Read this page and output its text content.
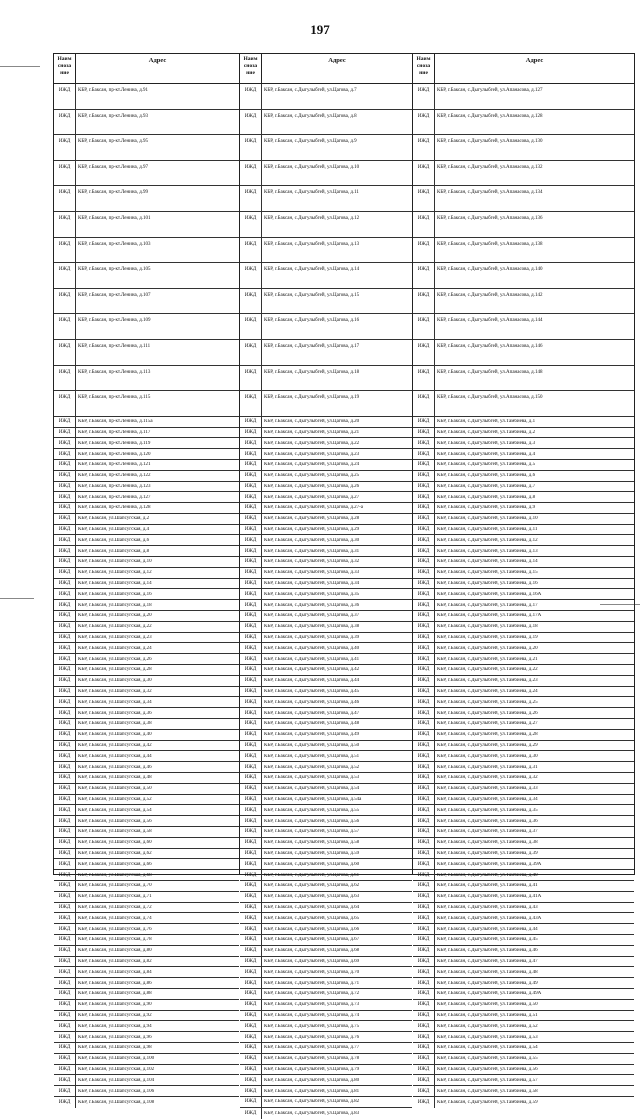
197
Наим сноза ние
Адрес
ИЖД	КБР, г.Баксан, пр-кт.Ленина, д.91
ИЖД	КБР, г.Баксан, пр-кт.Ленина, д.93
ИЖД	КБР, г.Баксан, пр-кт.Ленина, д.95
ИЖД	КБР, г.Баксан, пр-кт.Ленина, д.97
ИЖД	КБР, г.Баксан, пр-кт.Ленина, д.99
ИЖД	КБР, г.Баксан, пр-кт.Ленина, д.101
ИЖД	КБР, г.Баксан, пр-кт.Ленина, д.103
ИЖД	КБР, г.Баксан, пр-кт.Ленина, д.105
ИЖД	КБР, г.Баксан, пр-кт.Ленина, д.107
ИЖД	КБР, г.Баксан, пр-кт.Ленина, д.109
ИЖД	КБР, г.Баксан, пр-кт.Ленина, д.111
ИЖД	КБР, г.Баксан, пр-кт.Ленина, д.113
ИЖД	КБР, г.Баксан, пр-кт.Ленина, д.115
ИЖД	КБР, г.Баксан, пр-кт.Ленина, д.115а
ИЖД	КБР, г.Баксан, пр-кт.Ленина, д.117
ИЖД	КБР, г.Баксан, пр-кт.Ленина, д.119
ИЖД	КБР, г.Баксан, пр-кт.Ленина, д.120
ИЖД	КБР, г.Баксан, пр-кт.Ленина, д.121
ИЖД	КБР, г.Баксан, пр-кт.Ленина, д.122
ИЖД	КБР, г.Баксан, пр-кт.Ленина, д.123
ИЖД	КБР, г.Баксан, пр-кт.Ленина, д.127
ИЖД	КБР, г.Баксан, пр-кт.Ленина, д.128
ИЖД	КБР, г.Баксан, ул.Шапсугская, д.2
ИЖД	КБР, г.Баксан, ул.Шапсугская, д.4
ИЖД	КБР, г.Баксан, ул.Шапсугская, д.6
ИЖД	КБР, г.Баксан, ул.Шапсугская, д.8
ИЖД	КБР, г.Баксан, ул.Шапсугская, д.10
ИЖД	КБР, г.Баксан, ул.Шапсугская, д.12
ИЖД	КБР, г.Баксан, ул.Шапсугская, д.14
ИЖД	КБР, г.Баксан, ул.Шапсугская, д.16
ИЖД	КБР, г.Баксан, ул.Шапсугская, д.18
ИЖД	КБР, г.Баксан, ул.Шапсугская, д.20
ИЖД	КБР, г.Баксан, ул.Шапсугская, д.22
ИЖД	КБР, г.Баксан, ул.Шапсугская, д.23
ИЖД	КБР, г.Баксан, ул.Шапсугская, д.24
ИЖД	КБР, г.Баксан, ул.Шапсугская, д.26
ИЖД	КБР, г.Баксан, ул.Шапсугская, д.28
ИЖД	КБР, г.Баксан, ул.Шапсугская, д.30
ИЖД	КБР, г.Баксан, ул.Шапсугская, д.32
ИЖД	КБР, г.Баксан, ул.Шапсугская, д.34
ИЖД	КБР, г.Баксан, ул.Шапсугская, д.36
ИЖД	КБР, г.Баксан, ул.Шапсугская, д.38
ИЖД	КБР, г.Баксан, ул.Шапсугская, д.40
ИЖД	КБР, г.Баксан, ул.Шапсугская, д.42
ИЖД	КБР, г.Баксан, ул.Шапсугская, д.44
ИЖД	КБР, г.Баксан, ул.Шапсугская, д.46
ИЖД	КБР, г.Баксан, ул.Шапсугская, д.48
ИЖД	КБР, г.Баксан, ул.Шапсугская, д.50
ИЖД	КБР, г.Баксан, ул.Шапсугская, д.52
ИЖД	КБР, г.Баксан, ул.Шапсугская, д.54
ИЖД	КБР, г.Баксан, ул.Шапсугская, д.56
ИЖД	КБР, г.Баксан, ул.Шапсугская, д.58
ИЖД	КБР, г.Баксан, ул.Шапсугская, д.60
ИЖД	КБР, г.Баксан, ул.Шапсугская, д.62
ИЖД	КБР, г.Баксан, ул.Шапсугская, д.66
ИЖД	КБР, г.Баксан, ул.Шапсугская, д.68
ИЖД	КБР, г.Баксан, ул.Шапсугская, д.70
ИЖД	КБР, г.Баксан, ул.Шапсугская, д.71
ИЖД	КБР, г.Баксан, ул.Шапсугская, д.72
ИЖД	КБР, г.Баксан, ул.Шапсугская, д.74
ИЖД	КБР, г.Баксан, ул.Шапсугская, д.76
ИЖД	КБР, г.Баксан, ул.Шапсугская, д.78
ИЖД	КБР, г.Баксан, ул.Шапсугская, д.80
ИЖД	КБР, г.Баксан, ул.Шапсугская, д.82
ИЖД	КБР, г.Баксан, ул.Шапсугская, д.84
ИЖД	КБР, г.Баксан, ул.Шапсугская, д.86
ИЖД	КБР, г.Баксан, ул.Шапсугская, д.88
ИЖД	КБР, г.Баксан, ул.Шапсугская, д.90
ИЖД	КБР, г.Баксан, ул.Шапсугская, д.92
ИЖД	КБР, г.Баксан, ул.Шапсугская, д.94
ИЖД	КБР, г.Баксан, ул.Шапсугская, д.96
ИЖД	КБР, г.Баксан, ул.Шапсугская, д.98
ИЖД	КБР, г.Баксан, ул.Шапсугская, д.100
ИЖД	КБР, г.Баксан, ул.Шапсугская, д.102
ИЖД	КБР, г.Баксан, ул.Шапсугская, д.104
ИЖД	КБР, г.Баксан, ул.Шапсугская, д.106
ИЖД	КБР, г.Баксан, ул.Шапсугская, д.108
Наим сноза ние
Адрес
ИЖД	КБР, г.Баксан, с.Дыгулыбгей, ул.Цагова, д.7
ИЖД	КБР, г.Баксан, с.Дыгулыбгей, ул.Цагова, д.8
ИЖД	КБР, г.Баксан, с.Дыгулыбгей, ул.Цагова, д.9
ИЖД	КБР, г.Баксан, с.Дыгулыбгей, ул.Цагова, д.10
ИЖД	КБР, г.Баксан, с.Дыгулыбгей, ул.Цагова, д.11
ИЖД	КБР, г.Баксан, с.Дыгулыбгей, ул.Цагова, д.12
ИЖД	КБР, г.Баксан, с.Дыгулыбгей, ул.Цагова, д.13
ИЖД	КБР, г.Баксан, с.Дыгулыбгей, ул.Цагова, д.14
ИЖД	КБР, г.Баксан, с.Дыгулыбгей, ул.Цагова, д.15
ИЖД	КБР, г.Баксан, с.Дыгулыбгей, ул.Цагова, д.16
ИЖД	КБР, г.Баксан, с.Дыгулыбгей, ул.Цагова, д.17
ИЖД	КБР, г.Баксан, с.Дыгулыбгей, ул.Цагова, д.18
ИЖД	КБР, г.Баксан, с.Дыгулыбгей, ул.Цагова, д.19
ИЖД	КБР, г.Баксан, с.Дыгулыбгей, ул.Цагова, д.20
ИЖД	КБР, г.Баксан, с.Дыгулыбгей, ул.Цагова, д.21
ИЖД	КБР, г.Баксан, с.Дыгулыбгей, ул.Цагова, д.22
ИЖД	КБР, г.Баксан, с.Дыгулыбгей, ул.Цагова, д.23
ИЖД	КБР, г.Баксан, с.Дыгулыбгей, ул.Цагова, д.24
ИЖД	КБР, г.Баксан, с.Дыгулыбгей, ул.Цагова, д.25
ИЖД	КБР, г.Баксан, с.Дыгулыбгей, ул.Цагова, д.26
ИЖД	КБР, г.Баксан, с.Дыгулыбгей, ул.Цагова, д.27
ИЖД	КБР, г.Баксан, с.Дыгулыбгей, ул.Цагова, д.27-а
ИЖД	КБР, г.Баксан, с.Дыгулыбгей, ул.Цагова, д.28
ИЖД	КБР, г.Баксан, с.Дыгулыбгей, ул.Цагова, д.29
ИЖД	КБР, г.Баксан, с.Дыгулыбгей, ул.Цагова, д.30
ИЖД	КБР, г.Баксан, с.Дыгулыбгей, ул.Цагова, д.31
ИЖД	КБР, г.Баксан, с.Дыгулыбгей, ул.Цагова, д.32
ИЖД	КБР, г.Баксан, с.Дыгулыбгей, ул.Цагова, д.33
ИЖД	КБР, г.Баксан, с.Дыгулыбгей, ул.Цагова, д.34
ИЖД	КБР, г.Баксан, с.Дыгулыбгей, ул.Цагова, д.35
ИЖД	КБР, г.Баксан, с.Дыгулыбгей, ул.Цагова, д.36
ИЖД	КБР, г.Баксан, с.Дыгулыбгей, ул.Цагова, д.37
ИЖД	КБР, г.Баксан, с.Дыгулыбгей, ул.Цагова, д.38
ИЖД	КБР, г.Баксан, с.Дыгулыбгей, ул.Цагова, д.39
ИЖД	КБР, г.Баксан, с.Дыгулыбгей, ул.Цагова, д.40
ИЖД	КБР, г.Баксан, с.Дыгулыбгей, ул.Цагова, д.41
ИЖД	КБР, г.Баксан, с.Дыгулыбгей, ул.Цагова, д.42
ИЖД	КБР, г.Баксан, с.Дыгулыбгей, ул.Цагова, д.44
ИЖД	КБР, г.Баксан, с.Дыгулыбгей, ул.Цагова, д.45
ИЖД	КБР, г.Баксан, с.Дыгулыбгей, ул.Цагова, д.46
ИЖД	КБР, г.Баксан, с.Дыгулыбгей, ул.Цагова, д.47
ИЖД	КБР, г.Баксан, с.Дыгулыбгей, ул.Цагова, д.48
ИЖД	КБР, г.Баксан, с.Дыгулыбгей, ул.Цагова, д.49
ИЖД	КБР, г.Баксан, с.Дыгулыбгей, ул.Цагова, д.50
ИЖД	КБР, г.Баксан, с.Дыгулыбгей, ул.Цагова, д.51
ИЖД	КБР, г.Баксан, с.Дыгулыбгей, ул.Цагова, д.52
ИЖД	КБР, г.Баксан, с.Дыгулыбгей, ул.Цагова, д.53
ИЖД	КБР, г.Баксан, с.Дыгулыбгей, ул.Цагова, д.54
ИЖД	КБР, г.Баксан, с.Дыгулыбгей, ул.Цагова, д.54а
ИЖД	КБР, г.Баксан, с.Дыгулыбгей, ул.Цагова, д.55
ИЖД	КБР, г.Баксан, с.Дыгулыбгей, ул.Цагова, д.56
ИЖД	КБР, г.Баксан, с.Дыгулыбгей, ул.Цагова, д.57
ИЖД	КБР, г.Баксан, с.Дыгулыбгей, ул.Цагова, д.58
ИЖД	КБР, г.Баксан, с.Дыгулыбгей, ул.Цагова, д.59
ИЖД	КБР, г.Баксан, с.Дыгулыбгей, ул.Цагова, д.60
ИЖД	КБР, г.Баксан, с.Дыгулыбгей, ул.Цагова, д.61
ИЖД	КБР, г.Баксан, с.Дыгулыбгей, ул.Цагова, д.62
ИЖД	КБР, г.Баксан, с.Дыгулыбгей, ул.Цагова, д.63
ИЖД	КБР, г.Баксан, с.Дыгулыбгей, ул.Цагова, д.64
ИЖД	КБР, г.Баксан, с.Дыгулыбгей, ул.Цагова, д.65
ИЖД	КБР, г.Баксан, с.Дыгулыбгей, ул.Цагова, д.66
ИЖД	КБР, г.Баксан, с.Дыгулыбгей, ул.Цагова, д.67
ИЖД	КБР, г.Баксан, с.Дыгулыбгей, ул.Цагова, д.68
ИЖД	КБР, г.Баксан, с.Дыгулыбгей, ул.Цагова, д.69
ИЖД	КБР, г.Баксан, с.Дыгулыбгей, ул.Цагова, д.70
ИЖД	КБР, г.Баксан, с.Дыгулыбгей, ул.Цагова, д.71
ИЖД	КБР, г.Баксан, с.Дыгулыбгей, ул.Цагова, д.72
ИЖД	КБР, г.Баксан, с.Дыгулыбгей, ул.Цагова, д.73
ИЖД	КБР, г.Баксан, с.Дыгулыбгей, ул.Цагова, д.74
ИЖД	КБР, г.Баксан, с.Дыгулыбгей, ул.Цагова, д.75
ИЖД	КБР, г.Баксан, с.Дыгулыбгей, ул.Цагова, д.76
ИЖД	КБР, г.Баксан, с.Дыгулыбгей, ул.Цагова, д.77
ИЖД	КБР, г.Баксан, с.Дыгулыбгей, ул.Цагова, д.78
ИЖД	КБР, г.Баксан, с.Дыгулыбгей, ул.Цагова, д.79
ИЖД	КБР, г.Баксан, с.Дыгулыбгей, ул.Цагова, д.80
ИЖД	КБР, г.Баксан, с.Дыгулыбгей, ул.Цагова, д.81
ИЖД	КБР, г.Баксан, с.Дыгулыбгей, ул.Цагова, д.82
ИЖД	КБР, г.Баксан, с.Дыгулыбгей, ул.Цагова, д.83
Наим сноза ние
Адрес
ИЖД	КБР, г.Баксан, с.Дыгулыбгей, ул.Апанасова, д.127
ИЖД	КБР, г.Баксан, с.Дыгулыбгей, ул.Апанасова, д.128
ИЖД	КБР, г.Баксан, с.Дыгулыбгей, ул.Апанасова, д.130
ИЖД	КБР, г.Баксан, с.Дыгулыбгей, ул.Апанасова, д.132
ИЖД	КБР, г.Баксан, с.Дыгулыбгей, ул.Апанасова, д.134
ИЖД	КБР, г.Баксан, с.Дыгулыбгей, ул.Апанасова, д.136
ИЖД	КБР, г.Баксан, с.Дыгулыбгей, ул.Апанасова, д.138
ИЖД	КБР, г.Баксан, с.Дыгулыбгей, ул.Апанасова, д.140
ИЖД	КБР, г.Баксан, с.Дыгулыбгей, ул.Апанасова, д.142
ИЖД	КБР, г.Баксан, с.Дыгулыбгей, ул.Апанасова, д.144
ИЖД	КБР, г.Баксан, с.Дыгулыбгей, ул.Апанасова, д.146
ИЖД	КБР, г.Баксан, с.Дыгулыбгей, ул.Апанасова, д.148
ИЖД	КБР, г.Баксан, с.Дыгулыбгей, ул.Апанасова, д.150
ИЖД	КБР, г.Баксан, с.Дыгулыбгей, ул.Тамбиева, д.1
ИЖД	КБР, г.Баксан, с.Дыгулыбгей, ул.Тамбиева, д.2
ИЖД	КБР, г.Баксан, с.Дыгулыбгей, ул.Тамбиева, д.3
ИЖД	КБР, г.Баксан, с.Дыгулыбгей, ул.Тамбиева, д.4
ИЖД	КБР, г.Баксан, с.Дыгулыбгей, ул.Тамбиева, д.5
ИЖД	КБР, г.Баксан, с.Дыгулыбгей, ул.Тамбиева, д.6
ИЖД	КБР, г.Баксан, с.Дыгулыбгей, ул.Тамбиева, д.7
ИЖД	КБР, г.Баксан, с.Дыгулыбгей, ул.Тамбиева, д.8
ИЖД	КБР, г.Баксан, с.Дыгулыбгей, ул.Тамбиева, д.9
ИЖД	КБР, г.Баксан, с.Дыгулыбгей, ул.Тамбиева, д.10
ИЖД	КБР, г.Баксан, с.Дыгулыбгей, ул.Тамбиева, д.11
ИЖД	КБР, г.Баксан, с.Дыгулыбгей, ул.Тамбиева, д.12
ИЖД	КБР, г.Баксан, с.Дыгулыбгей, ул.Тамбиева, д.13
ИЖД	КБР, г.Баксан, с.Дыгулыбгей, ул.Тамбиева, д.14
ИЖД	КБР, г.Баксан, с.Дыгулыбгей, ул.Тамбиева, д.15
ИЖД	КБР, г.Баксан, с.Дыгулыбгей, ул.Тамбиева, д.16
ИЖД	КБР, г.Баксан, с.Дыгулыбгей, ул.Тамбиева, д.16А
ИЖД	КБР, г.Баксан, с.Дыгулыбгей, ул.Тамбиева, д.17
ИЖД	КБР, г.Баксан, с.Дыгулыбгей, ул.Тамбиева, д.17А
ИЖД	КБР, г.Баксан, с.Дыгулыбгей, ул.Тамбиева, д.18
ИЖД	КБР, г.Баксан, с.Дыгулыбгей, ул.Тамбиева, д.19
ИЖД	КБР, г.Баксан, с.Дыгулыбгей, ул.Тамбиева, д.20
ИЖД	КБР, г.Баксан, с.Дыгулыбгей, ул.Тамбиева, д.21
ИЖД	КБР, г.Баксан, с.Дыгулыбгей, ул.Тамбиева, д.22
ИЖД	КБР, г.Баксан, с.Дыгулыбгей, ул.Тамбиева, д.23
ИЖД	КБР, г.Баксан, с.Дыгулыбгей, ул.Тамбиева, д.24
ИЖД	КБР, г.Баксан, с.Дыгулыбгей, ул.Тамбиева, д.25
ИЖД	КБР, г.Баксан, с.Дыгулыбгей, ул.Тамбиева, д.26
ИЖД	КБР, г.Баксан, с.Дыгулыбгей, ул.Тамбиева, д.27
ИЖД	КБР, г.Баксан, с.Дыгулыбгей, ул.Тамбиева, д.28
ИЖД	КБР, г.Баксан, с.Дыгулыбгей, ул.Тамбиева, д.29
ИЖД	КБР, г.Баксан, с.Дыгулыбгей, ул.Тамбиева, д.30
ИЖД	КБР, г.Баксан, с.Дыгулыбгей, ул.Тамбиева, д.31
ИЖД	КБР, г.Баксан, с.Дыгулыбгей, ул.Тамбиева, д.32
ИЖД	КБР, г.Баксан, с.Дыгулыбгей, ул.Тамбиева, д.33
ИЖД	КБР, г.Баксан, с.Дыгулыбгей, ул.Тамбиева, д.34
ИЖД	КБР, г.Баксан, с.Дыгулыбгей, ул.Тамбиева, д.35
ИЖД	КБР, г.Баксан, с.Дыгулыбгей, ул.Тамбиева, д.36
ИЖД	КБР, г.Баксан, с.Дыгулыбгей, ул.Тамбиева, д.37
ИЖД	КБР, г.Баксан, с.Дыгулыбгей, ул.Тамбиева, д.38
ИЖД	КБР, г.Баксан, с.Дыгулыбгей, ул.Тамбиева, д.39
ИЖД	КБР, г.Баксан, с.Дыгулыбгей, ул.Тамбиева, д.39А
ИЖД	КБР, г.Баксан, с.Дыгулыбгей, ул.Тамбиева, д.40
ИЖД	КБР, г.Баксан, с.Дыгулыбгей, ул.Тамбиева, д.41
ИЖД	КБР, г.Баксан, с.Дыгулыбгей, ул.Тамбиева, д.41А
ИЖД	КБР, г.Баксан, с.Дыгулыбгей, ул.Тамбиева, д.43
ИЖД	КБР, г.Баксан, с.Дыгулыбгей, ул.Тамбиева, д.43А
ИЖД	КБР, г.Баксан, с.Дыгулыбгей, ул.Тамбиева, д.44
ИЖД	КБР, г.Баксан, с.Дыгулыбгей, ул.Тамбиева, д.45
ИЖД	КБР, г.Баксан, с.Дыгулыбгей, ул.Тамбиева, д.46
ИЖД	КБР, г.Баксан, с.Дыгулыбгей, ул.Тамбиева, д.47
ИЖД	КБР, г.Баксан, с.Дыгулыбгей, ул.Тамбиева, д.48
ИЖД	КБР, г.Баксан, с.Дыгулыбгей, ул.Тамбиева, д.49
ИЖД	КБР, г.Баксан, с.Дыгулыбгей, ул.Тамбиева, д.49А
ИЖД	КБР, г.Баксан, с.Дыгулыбгей, ул.Тамбиева, д.50
ИЖД	КБР, г.Баксан, с.Дыгулыбгей, ул.Тамбиева, д.51
ИЖД	КБР, г.Баксан, с.Дыгулыбгей, ул.Тамбиева, д.52
ИЖД	КБР, г.Баксан, с.Дыгулыбгей, ул.Тамбиева, д.53
ИЖД	КБР, г.Баксан, с.Дыгулыбгей, ул.Тамбиева, д.54
ИЖД	КБР, г.Баксан, с.Дыгулыбгей, ул.Тамбиева, д.55
ИЖД	КБР, г.Баксан, с.Дыгулыбгей, ул.Тамбиева, д.56
ИЖД	КБР, г.Баксан, с.Дыгулыбгей, ул.Тамбиева, д.57
ИЖД	КБР, г.Баксан, с.Дыгулыбгей, ул.Тамбиева, д.58
ИЖД	КБР, г.Баксан, с.Дыгулыбгей, ул.Тамбиева, д.59
